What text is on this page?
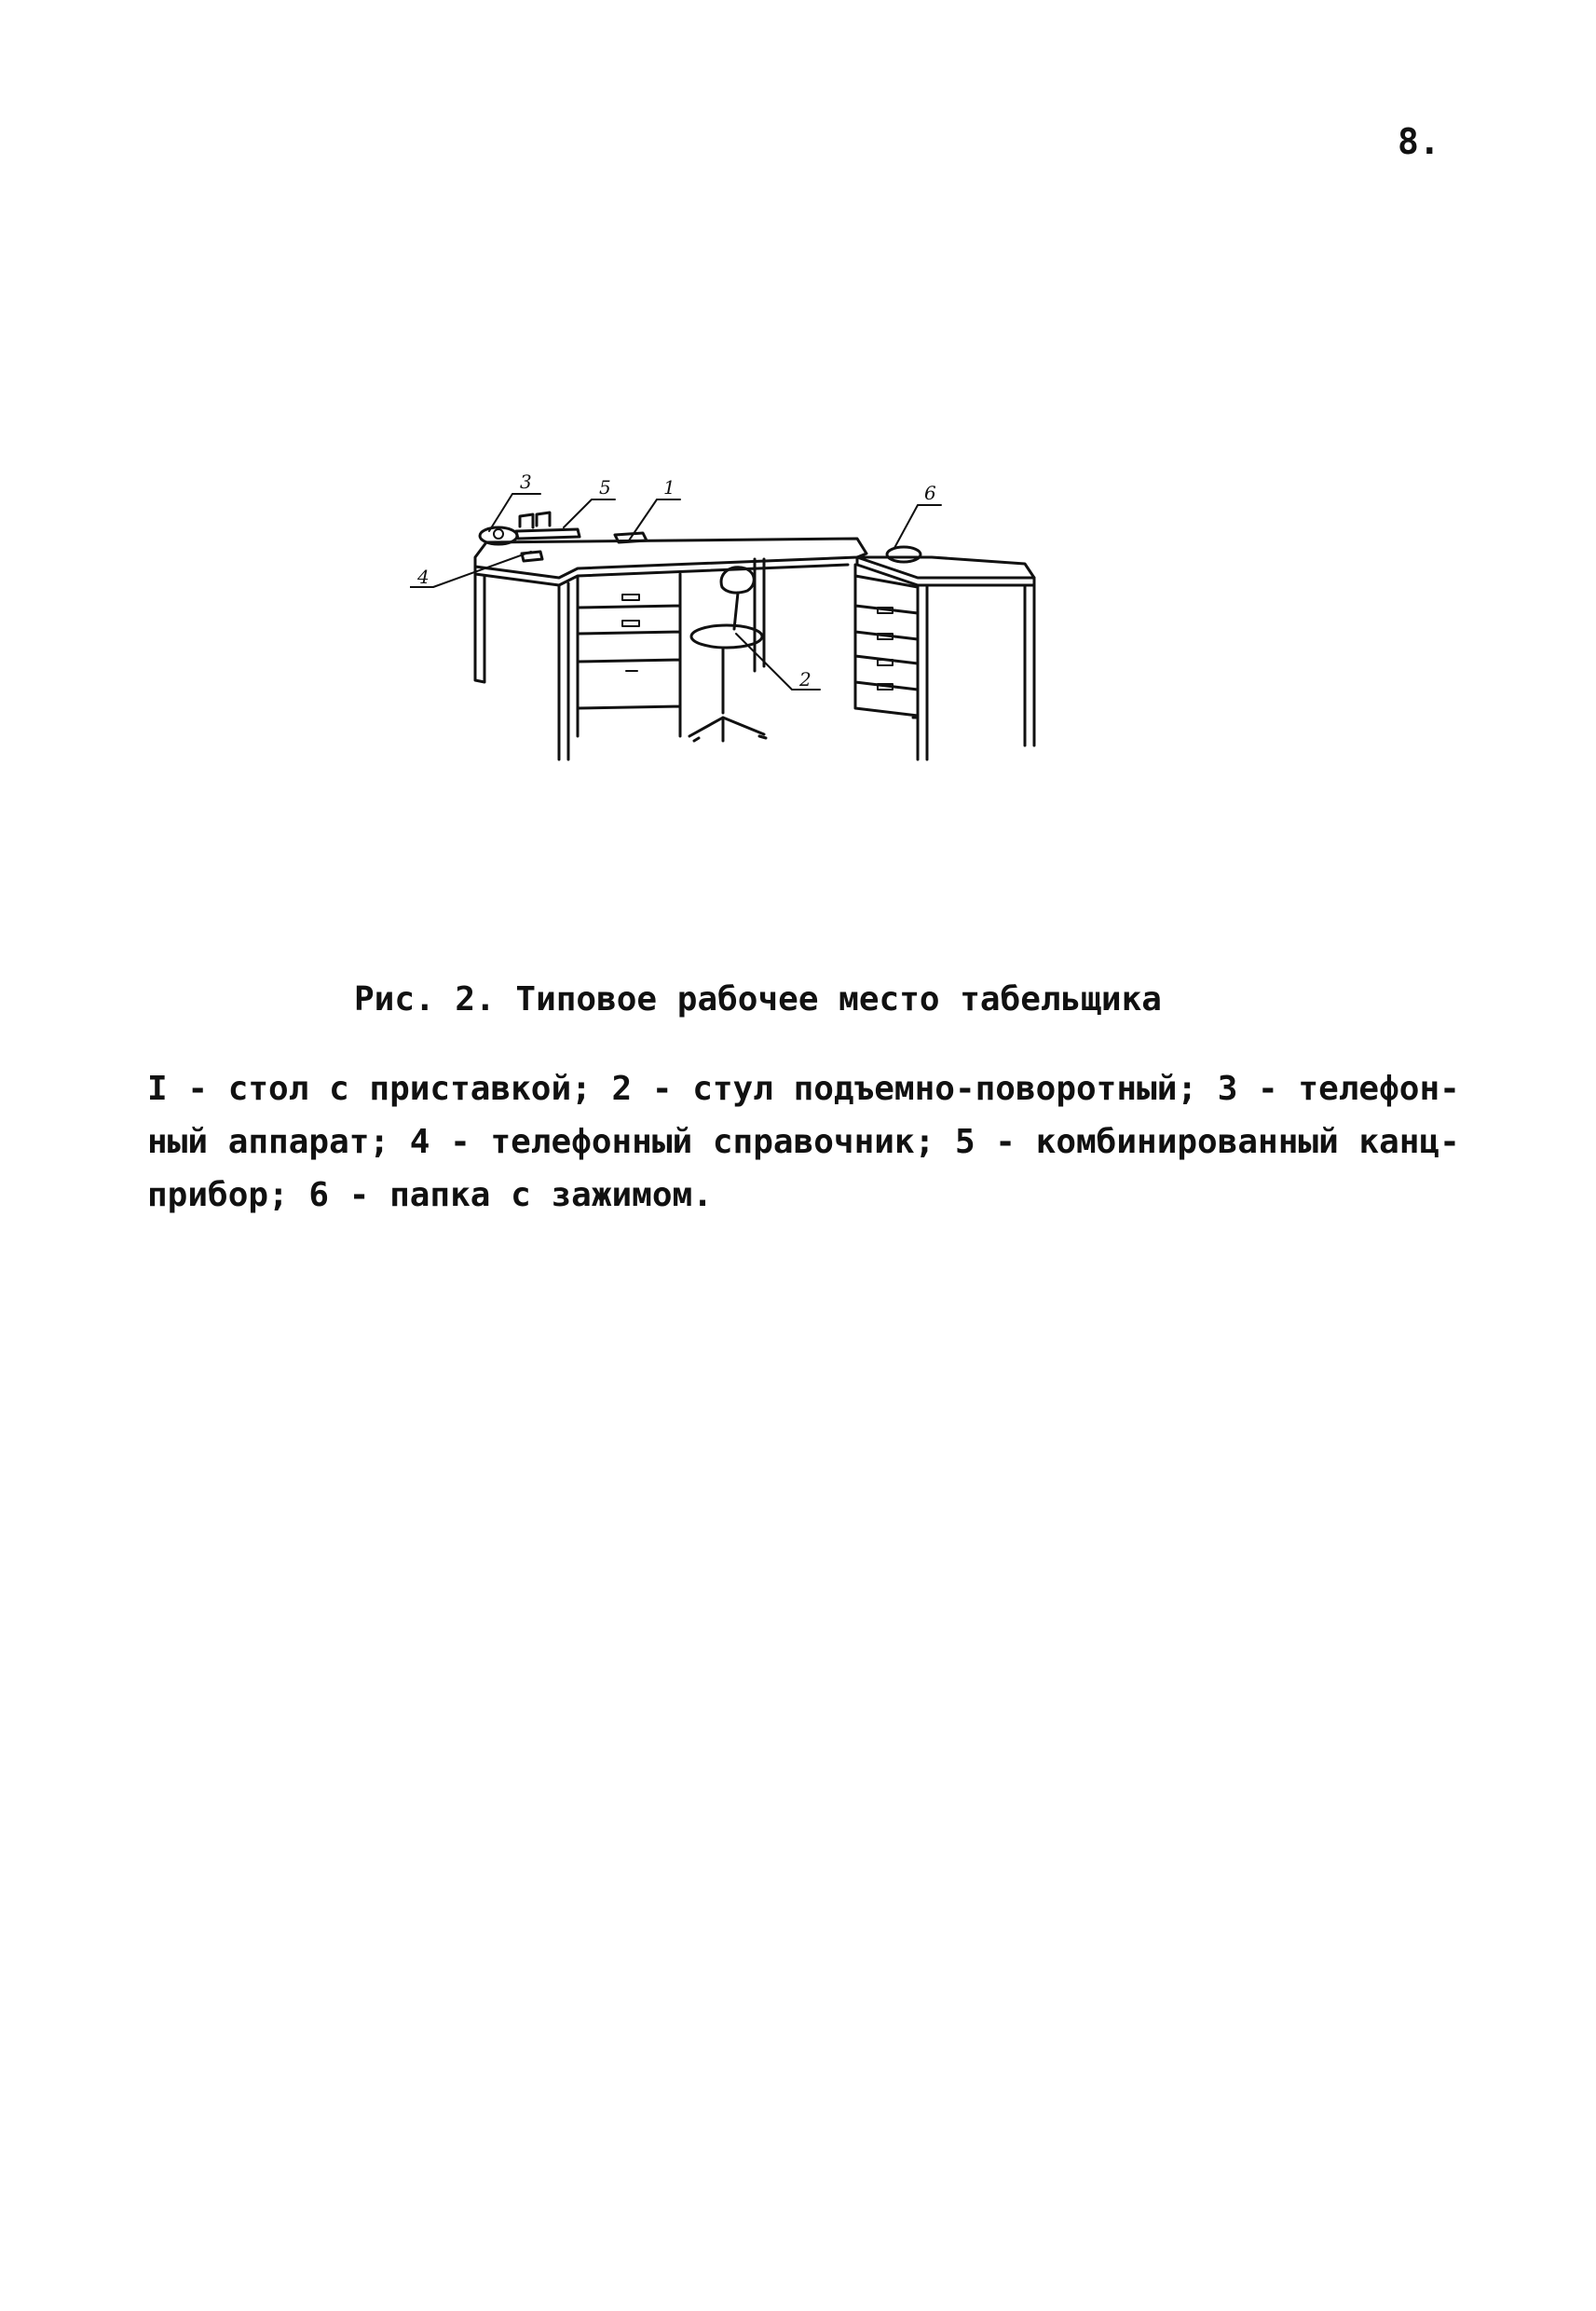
8.
3	5	1	6
4
2
Рис. 2. Типовое рабочее место табельщика

I - стол с приставкой; 2 - стул подъемно-поворотный; 3 - телефон-

ный аппарат; 4 - телефонный справочник; 5 - комбинированный канц-

прибор; 6 - папка с зажимом.
